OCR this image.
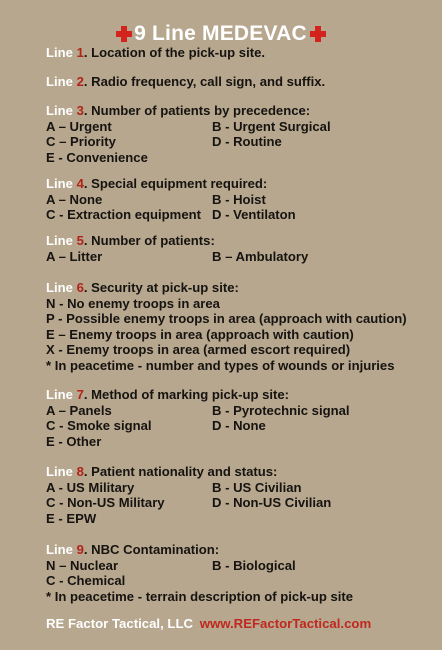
9 Line MEDEVAC
Line 1. Location of the pick-up site.
Line 2. Radio frequency, call sign, and suffix.
Line 3. Number of patients by precedence:
A – Urgent	B - Urgent Surgical
C – Priority	D - Routine
E - Convenience
Line 4. Special equipment required:
A – None	B - Hoist
C - Extraction equipment D - Ventilaton
Line 5. Number of patients:
A – Litter	B – Ambulatory
Line 6. Security at pick-up site:
N - No enemy troops in area
P - Possible enemy troops in area (approach with caution)
E – Enemy troops in area (approach with caution)
X - Enemy troops in area (armed escort required)
* In peacetime - number and types of wounds or injuries
Line 7. Method of marking pick-up site:
A – Panels	B - Pyrotechnic signal
C - Smoke signal	D - None
E - Other
Line 8. Patient nationality and status:
A - US Military	B - US Civilian
C - Non-US Military	D - Non-US Civilian
E - EPW
Line 9. NBC Contamination:
N – Nuclear	B - Biological
C - Chemical
* In peacetime - terrain description of pick-up site
RE Factor Tactical, LLC www.REFactorTactical.com
